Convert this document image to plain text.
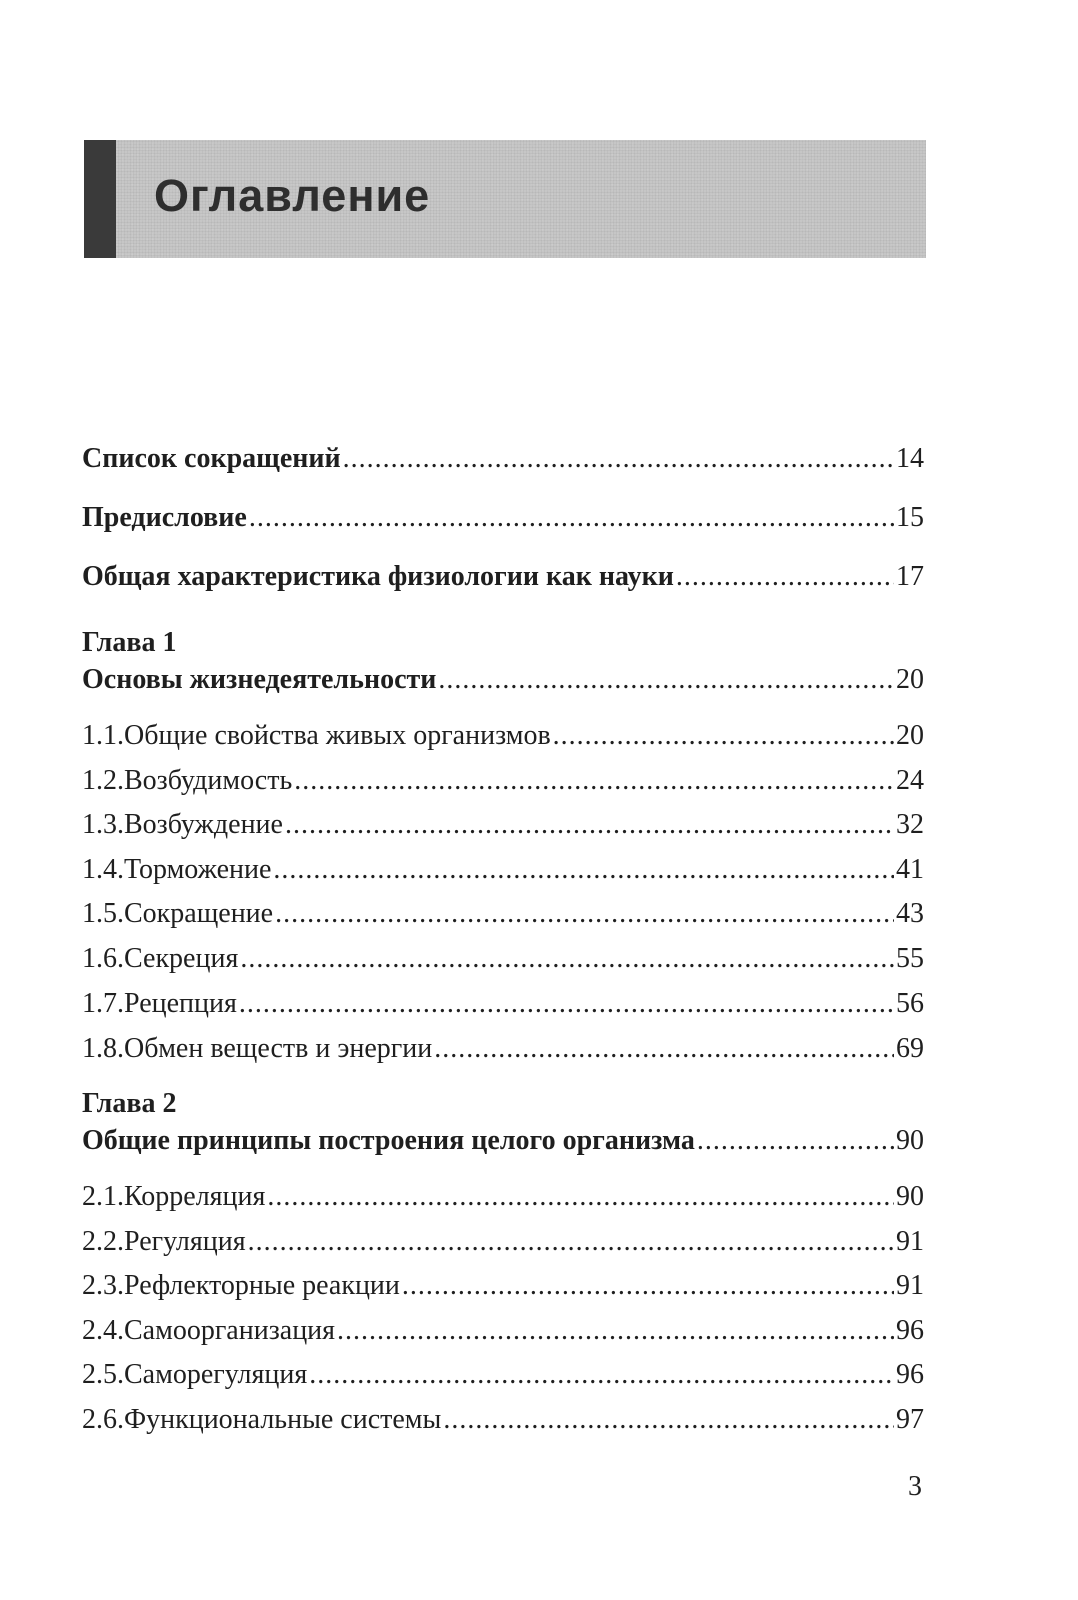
Оглавление
Список сокращений .....	14
Предисловие .....	15
Общая характеристика физиологии как науки .....	17
Глава 1
Основы жизнедеятельности .....	20
1.1. Общие свойства живых организмов .....	20
1.2. Возбудимость .....	24
1.3. Возбуждение .....	32
1.4. Торможение .....	41
1.5. Сокращение .....	43
1.6. Секреция .....	55
1.7. Рецепция .....	56
1.8. Обмен веществ и энергии .....	69
Глава 2
Общие принципы построения целого организма .....	90
2.1. Корреляция .....	90
2.2. Регуляция .....	91
2.3. Рефлекторные реакции .....	91
2.4. Самоорганизация .....	96
2.5. Саморегуляция .....	96
2.6. Функциональные системы .....	97
3
